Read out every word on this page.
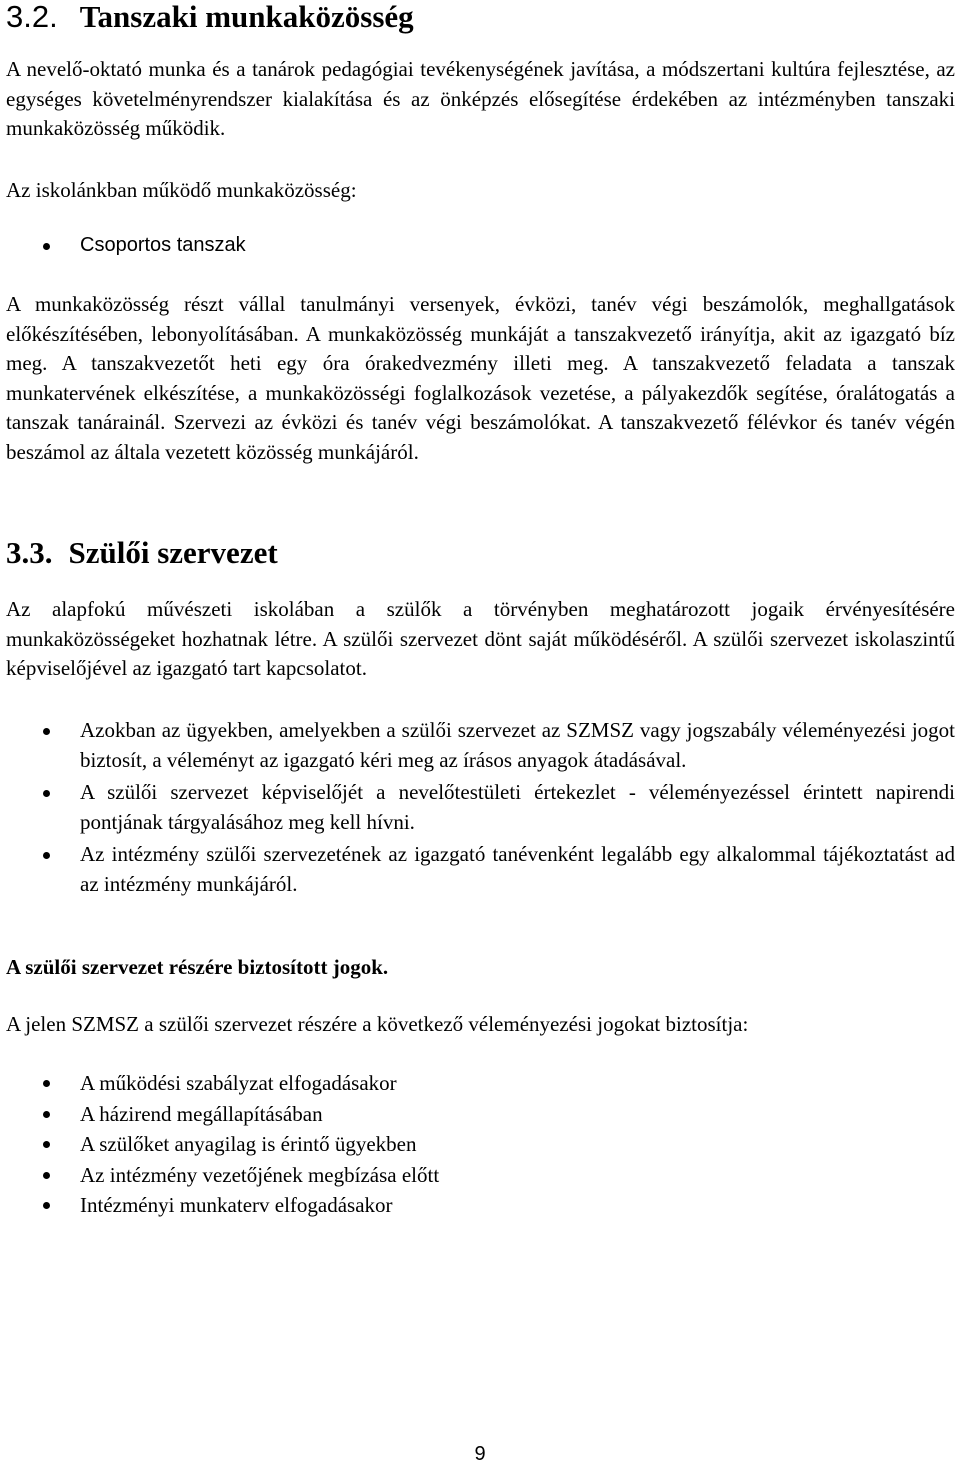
3.2. Tanszaki munkaközösség

A nevelő-oktató munka és a tanárok pedagógiai tevékenységének javítása, a módszertani kultúra fejlesztése, az egységes követelményrendszer kialakítása és az önképzés elősegítése érdekében az intézményben tanszaki munkaközösség működik.

Az iskolánkban működő munkaközösség:

Csoportos tanszak

A munkaközösség részt vállal tanulmányi versenyek, évközi, tanév végi beszámolók, meghallgatások előkészítésében, lebonyolításában. A munkaközösség munkáját a tanszakvezető irányítja, akit az igazgató bíz meg. A tanszakvezetőt heti egy óra órakedvezmény illeti meg. A tanszakvezető feladata a tanszak munkatervének elkészítése, a munkaközösségi foglalkozások vezetése, a pályakezdők segítése, óralátogatás a tanszak tanárainál. Szervezi az évközi és tanév végi beszámolókat. A tanszakvezető félévkor és tanév végén beszámol az általa vezetett közösség munkájáról.

3.3. Szülői szervezet

Az alapfokú művészeti iskolában a szülők a törvényben meghatározott jogaik érvényesítésére munkaközösségeket hozhatnak létre. A szülői szervezet dönt saját működéséről. A szülői szervezet iskolaszintű képviselőjével az igazgató tart kapcsolatot.

Azokban az ügyekben, amelyekben a szülői szervezet az SZMSZ vagy jogszabály véleményezési jogot biztosít, a véleményt az igazgató kéri meg az írásos anyagok átadásával.
A szülői szervezet képviselőjét a nevelőtestületi értekezlet - véleményezéssel érintett napirendi pontjának tárgyalásához meg kell hívni.
Az intézmény szülői szervezetének az igazgató tanévenként legalább egy alkalommal tájékoztatást ad az intézmény munkájáról.

A szülői szervezet részére biztosított jogok.

A jelen SZMSZ a szülői szervezet részére a következő véleményezési jogokat biztosítja:

A működési szabályzat elfogadásakor
A házirend megállapításában
A szülőket anyagilag is érintő ügyekben
Az intézmény vezetőjének megbízása előtt
Intézményi munkaterv elfogadásakor
9
